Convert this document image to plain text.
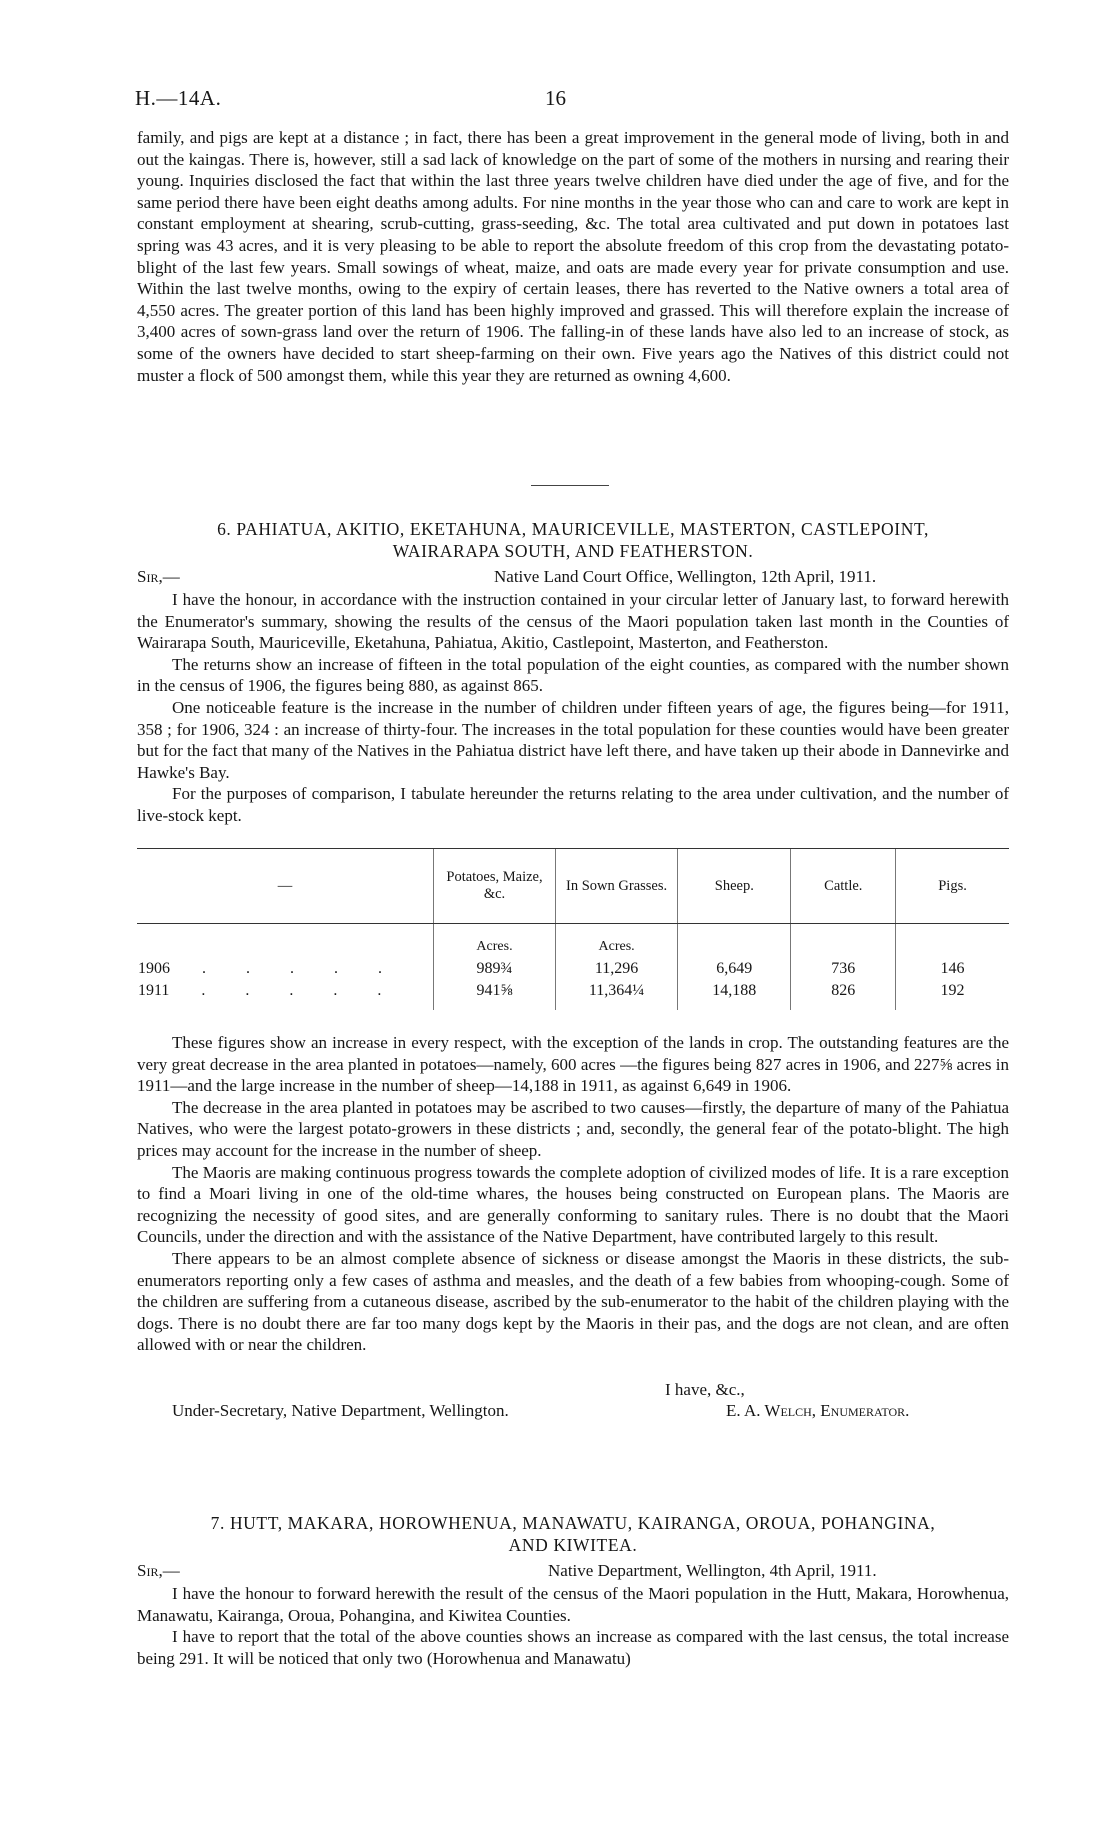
H.—14A.	16

family, and pigs are kept at a distance ; in fact, there has been a great improvement in the general mode of living, both in and out the kaingas. There is, however, still a sad lack of knowledge on the part of some of the mothers in nursing and rearing their young. Inquiries disclosed the fact that within the last three years twelve children have died under the age of five, and for the same period there have been eight deaths among adults. For nine months in the year those who can and care to work are kept in constant employment at shearing, scrub-cutting, grass-seeding, &c. The total area cultivated and put down in potatoes last spring was 43 acres, and it is very pleasing to be able to report the absolute freedom of this crop from the devastating potato-blight of the last few years. Small sowings of wheat, maize, and oats are made every year for private consumption and use. Within the last twelve months, owing to the expiry of certain leases, there has reverted to the Native owners a total area of 4,550 acres. The greater portion of this land has been highly improved and grassed. This will therefore explain the increase of 3,400 acres of sown-grass land over the return of 1906. The falling-in of these lands have also led to an increase of stock, as some of the owners have decided to start sheep-farming on their own. Five years ago the Natives of this district could not muster a flock of 500 amongst them, while this year they are returned as owning 4,600.

6. PAHIATUA, AKITIO, EKETAHUNA, MAURICEVILLE, MASTERTON, CASTLEPOINT,
WAIRARAPA SOUTH, AND FEATHERSTON.
Sir,—	Native Land Court Office, Wellington, 12th April, 1911.

I have the honour, in accordance with the instruction contained in your circular letter of January last, to forward herewith the Enumerator's summary, showing the results of the census of the Maori population taken last month in the Counties of Wairarapa South, Mauriceville, Eketahuna, Pahiatua, Akitio, Castlepoint, Masterton, and Featherston.

The returns show an increase of fifteen in the total population of the eight counties, as compared with the number shown in the census of 1906, the figures being 880, as against 865.

One noticeable feature is the increase in the number of children under fifteen years of age, the figures being—for 1911, 358 ; for 1906, 324 : an increase of thirty-four. The increases in the total population for these counties would have been greater but for the fact that many of the Natives in the Pahiatua district have left there, and have taken up their abode in Dannevirke and Hawke's Bay.

For the purposes of comparison, I tabulate hereunder the returns relating to the area under cultivation, and the number of live-stock kept.

—	Potatoes, Maize, &c.	In Sown Grasses.	Sheep.	Cattle.	Pigs.
	Acres.	Acres.			
1906 . . . . .	989¾	11,296	6,649	736	146
1911 . . . . .	941⅝	11,364¼	14,188	826	192

These figures show an increase in every respect, with the exception of the lands in crop. The outstanding features are the very great decrease in the area planted in potatoes—namely, 600 acres —the figures being 827 acres in 1906, and 227⅝ acres in 1911—and the large increase in the number of sheep—14,188 in 1911, as against 6,649 in 1906.

The decrease in the area planted in potatoes may be ascribed to two causes—firstly, the departure of many of the Pahiatua Natives, who were the largest potato-growers in these districts ; and, secondly, the general fear of the potato-blight. The high prices may account for the increase in the number of sheep.

The Maoris are making continuous progress towards the complete adoption of civilized modes of life. It is a rare exception to find a Moari living in one of the old-time whares, the houses being constructed on European plans. The Maoris are recognizing the necessity of good sites, and are generally conforming to sanitary rules. There is no doubt that the Maori Councils, under the direction and with the assistance of the Native Department, have contributed largely to this result.

There appears to be an almost complete absence of sickness or disease amongst the Maoris in these districts, the sub-enumerators reporting only a few cases of asthma and measles, and the death of a few babies from whooping-cough. Some of the children are suffering from a cutaneous disease, ascribed by the sub-enumerator to the habit of the children playing with the dogs. There is no doubt there are far too many dogs kept by the Maoris in their pas, and the dogs are not clean, and are often allowed with or near the children.

I have, &c.,
Under-Secretary, Native Department, Wellington.	E. A. Welch, Enumerator.
7. HUTT, MAKARA, HOROWHENUA, MANAWATU, KAIRANGA, OROUA, POHANGINA,
AND KIWITEA.
Sir,—	Native Department, Wellington, 4th April, 1911.

I have the honour to forward herewith the result of the census of the Maori population in the Hutt, Makara, Horowhenua, Manawatu, Kairanga, Oroua, Pohangina, and Kiwitea Counties.

I have to report that the total of the above counties shows an increase as compared with the last census, the total increase being 291. It will be noticed that only two (Horowhenua and Manawatu)
